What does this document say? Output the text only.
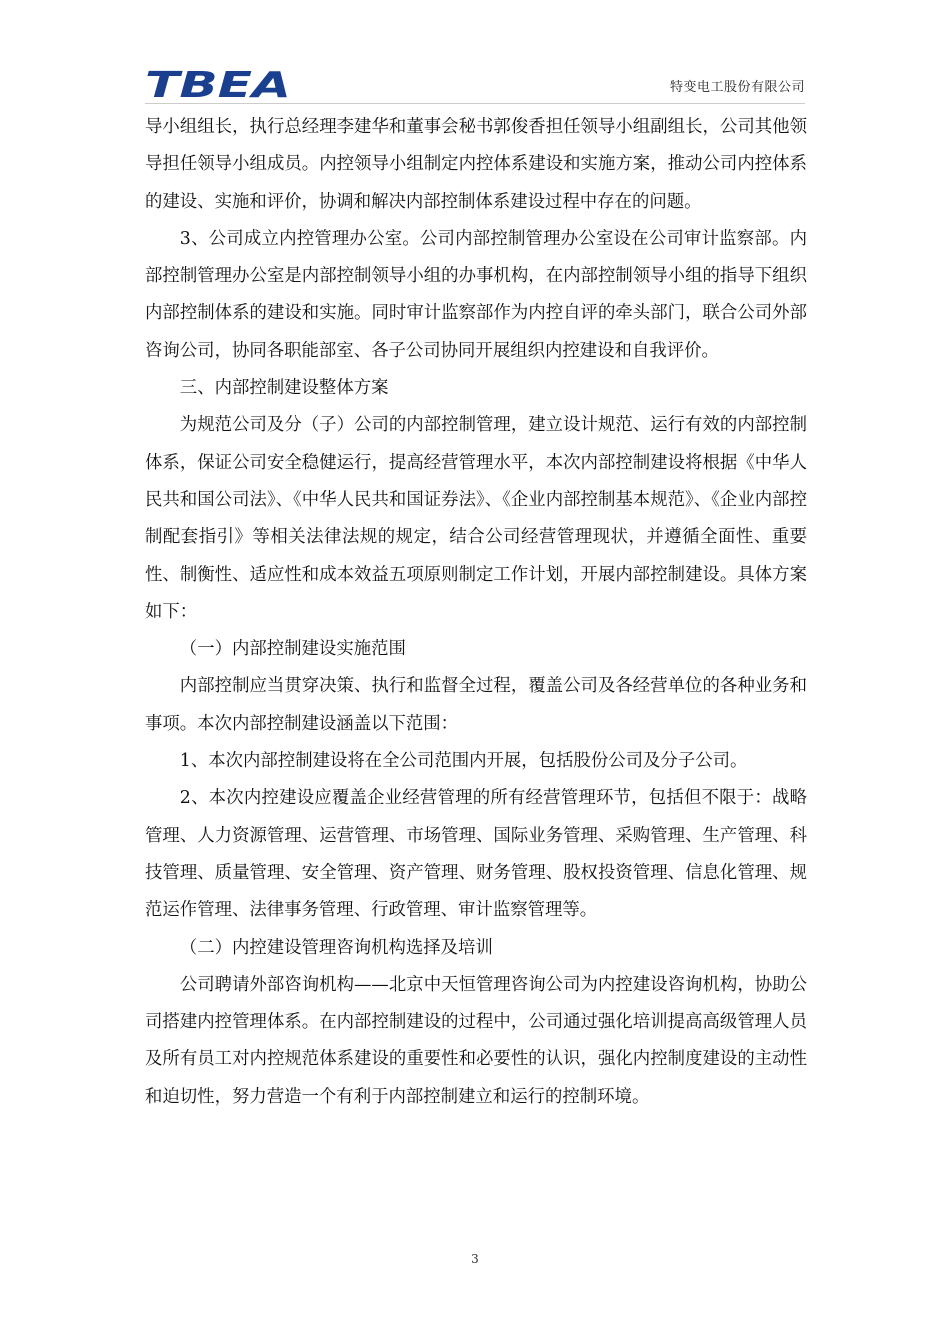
TBEA	特变电工股份有限公司

导小组组长，执行总经理李建华和董事会秘书郭俊香担任领导小组副组长，公司其他领导担任领导小组成员。内控领导小组制定内控体系建设和实施方案，推动公司内控体系的建设、实施和评价，协调和解决内部控制体系建设过程中存在的问题。

3、公司成立内控管理办公室。公司内部控制管理办公室设在公司审计监察部。内部控制管理办公室是内部控制领导小组的办事机构，在内部控制领导小组的指导下组织内部控制体系的建设和实施。同时审计监察部作为内控自评的牵头部门，联合公司外部咨询公司，协同各职能部室、各子公司协同开展组织内控建设和自我评价。

三、内部控制建设整体方案

为规范公司及分（子）公司的内部控制管理，建立设计规范、运行有效的内部控制体系，保证公司安全稳健运行，提高经营管理水平，本次内部控制建设将根据《中华人民共和国公司法》、《中华人民共和国证券法》、《企业内部控制基本规范》、《企业内部控制配套指引》等相关法律法规的规定，结合公司经营管理现状，并遵循全面性、重要性、制衡性、适应性和成本效益五项原则制定工作计划，开展内部控制建设。具体方案如下：

（一）内部控制建设实施范围

内部控制应当贯穿决策、执行和监督全过程，覆盖公司及各经营单位的各种业务和事项。本次内部控制建设涵盖以下范围：

1、本次内部控制建设将在全公司范围内开展，包括股份公司及分子公司。

2、本次内控建设应覆盖企业经营管理的所有经营管理环节，包括但不限于：战略管理、人力资源管理、运营管理、市场管理、国际业务管理、采购管理、生产管理、科技管理、质量管理、安全管理、资产管理、财务管理、股权投资管理、信息化管理、规范运作管理、法律事务管理、行政管理、审计监察管理等。

（二）内控建设管理咨询机构选择及培训

公司聘请外部咨询机构——北京中天恒管理咨询公司为内控建设咨询机构，协助公司搭建内控管理体系。在内部控制建设的过程中，公司通过强化培训提高高级管理人员及所有员工对内控规范体系建设的重要性和必要性的认识，强化内控制度建设的主动性和迫切性，努力营造一个有利于内部控制建立和运行的控制环境。

3
